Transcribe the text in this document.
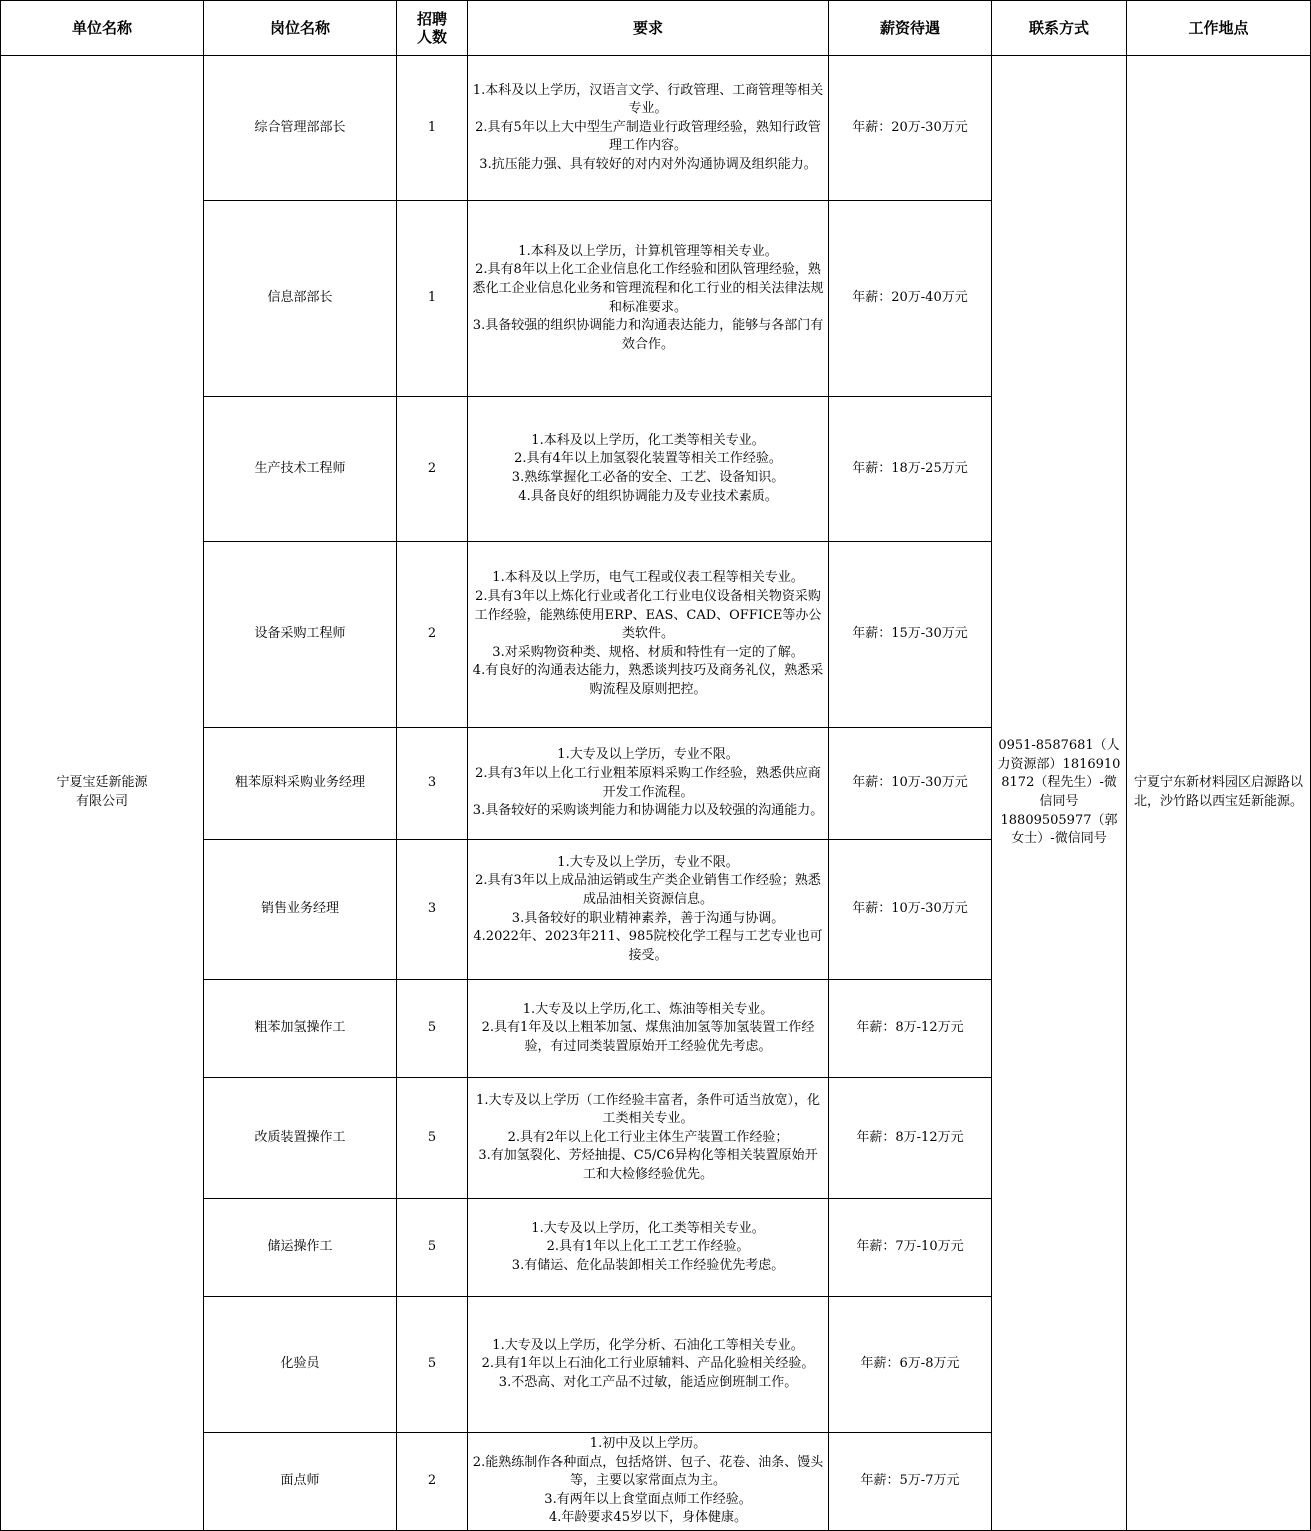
单位名称	岗位名称	招聘
人数	要求	薪资待遇	联系方式	工作地点
宁夏宝廷新能源
有限公司	综合管理部部长	1	1.本科及以上学历，汉语言文学、行政管理、工商管理等相关专业。
2.具有5年以上大中型生产制造业行政管理经验，熟知行政管理工作内容。
3.抗压能力强、具有较好的对内对外沟通协调及组织能力。	年薪：20万-30万元	0951-8587681（人力资源部）18169108172（程先生）-微信同号
18809505977（郭女士）-微信同号	宁夏宁东新材料园区启源路以北，沙竹路以西宝廷新能源。
	信息部部长	1	1.本科及以上学历，计算机管理等相关专业。
2.具有8年以上化工企业信息化工作经验和团队管理经验，熟悉化工企业信息化业务和管理流程和化工行业的相关法律法规和标准要求。
3.具备较强的组织协调能力和沟通表达能力，能够与各部门有效合作。	年薪：20万-40万元		
	生产技术工程师	2	1.本科及以上学历，化工类等相关专业。
2.具有4年以上加氢裂化装置等相关工作经验。
3.熟练掌握化工必备的安全、工艺、设备知识。
4.具备良好的组织协调能力及专业技术素质。	年薪：18万-25万元		
	设备采购工程师	2	1.本科及以上学历，电气工程或仪表工程等相关专业。
2.具有3年以上炼化行业或者化工行业电仪设备相关物资采购工作经验，能熟练使用ERP、EAS、CAD、OFFICE等办公类软件。
3.对采购物资种类、规格、材质和特性有一定的了解。
4.有良好的沟通表达能力，熟悉谈判技巧及商务礼仪，熟悉采购流程及原则把控。	年薪：15万-30万元		
	粗苯原料采购业务经理	3	1.大专及以上学历，专业不限。
2.具有3年以上化工行业粗苯原料采购工作经验，熟悉供应商开发工作流程。
3.具备较好的采购谈判能力和协调能力以及较强的沟通能力。	年薪：10万-30万元		
	销售业务经理	3	1.大专及以上学历，专业不限。
2.具有3年以上成品油运销或生产类企业销售工作经验；熟悉成品油相关资源信息。
3.具备较好的职业精神素养，善于沟通与协调。
4.2022年、2023年211、985院校化学工程与工艺专业也可接受。	年薪：10万-30万元		
	粗苯加氢操作工	5	1.大专及以上学历,化工、炼油等相关专业。
2.具有1年及以上粗苯加氢、煤焦油加氢等加氢装置工作经验，有过同类装置原始开工经验优先考虑。	年薪：8万-12万元		
	改质装置操作工	5	1.大专及以上学历（工作经验丰富者，条件可适当放宽），化工类相关专业。
2.具有2年以上化工行业主体生产装置工作经验；
3.有加氢裂化、芳烃抽提、C5/C6异构化等相关装置原始开工和大检修经验优先。	年薪：8万-12万元		
	储运操作工	5	1.大专及以上学历，化工类等相关专业。
2.具有1年以上化工工艺工作经验。
3.有储运、危化品装卸相关工作经验优先考虑。	年薪：7万-10万元		
	化验员	5	1.大专及以上学历，化学分析、石油化工等相关专业。
2.具有1年以上石油化工行业原辅料、产品化验相关经验。
3.不恐高、对化工产品不过敏，能适应倒班制工作。	年薪：6万-8万元		
	面点师	2	1.初中及以上学历。
2.能熟练制作各种面点，包括烙饼、包子、花卷、油条、馒头等，主要以家常面点为主。
3.有两年以上食堂面点师工作经验。
4.年龄要求45岁以下，身体健康。	年薪：5万-7万元		
